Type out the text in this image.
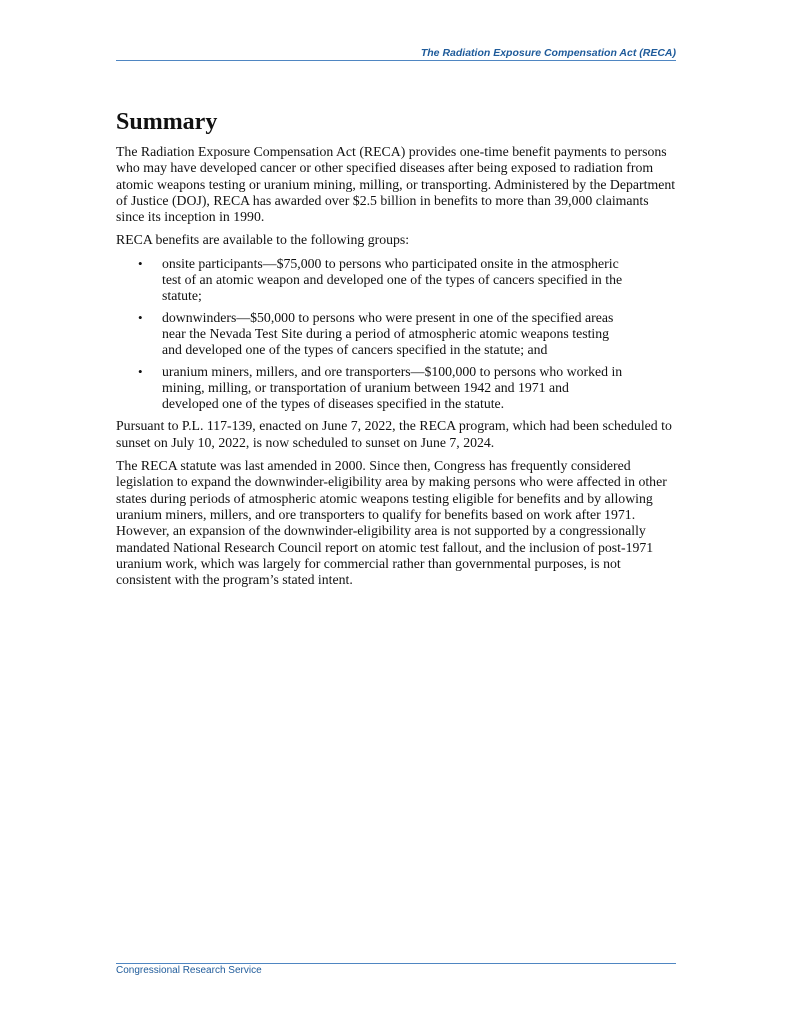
The Radiation Exposure Compensation Act (RECA)
Summary

The Radiation Exposure Compensation Act (RECA) provides one-time benefit payments to persons who may have developed cancer or other specified diseases after being exposed to radiation from atomic weapons testing or uranium mining, milling, or transporting. Administered by the Department of Justice (DOJ), RECA has awarded over $2.5 billion in benefits to more than 39,000 claimants since its inception in 1990.

RECA benefits are available to the following groups:

• onsite participants—$75,000 to persons who participated onsite in the atmospheric test of an atomic weapon and developed one of the types of cancers specified in the statute;
• downwinders—$50,000 to persons who were present in one of the specified areas near the Nevada Test Site during a period of atmospheric atomic weapons testing and developed one of the types of cancers specified in the statute; and
• uranium miners, millers, and ore transporters—$100,000 to persons who worked in mining, milling, or transportation of uranium between 1942 and 1971 and developed one of the types of diseases specified in the statute.

Pursuant to P.L. 117-139, enacted on June 7, 2022, the RECA program, which had been scheduled to sunset on July 10, 2022, is now scheduled to sunset on June 7, 2024.

The RECA statute was last amended in 2000. Since then, Congress has frequently considered legislation to expand the downwinder-eligibility area by making persons who were affected in other states during periods of atmospheric atomic weapons testing eligible for benefits and by allowing uranium miners, millers, and ore transporters to qualify for benefits based on work after 1971. However, an expansion of the downwinder-eligibility area is not supported by a congressionally mandated National Research Council report on atomic test fallout, and the inclusion of post-1971 uranium work, which was largely for commercial rather than governmental purposes, is not consistent with the program’s stated intent.

Congressional Research Service
